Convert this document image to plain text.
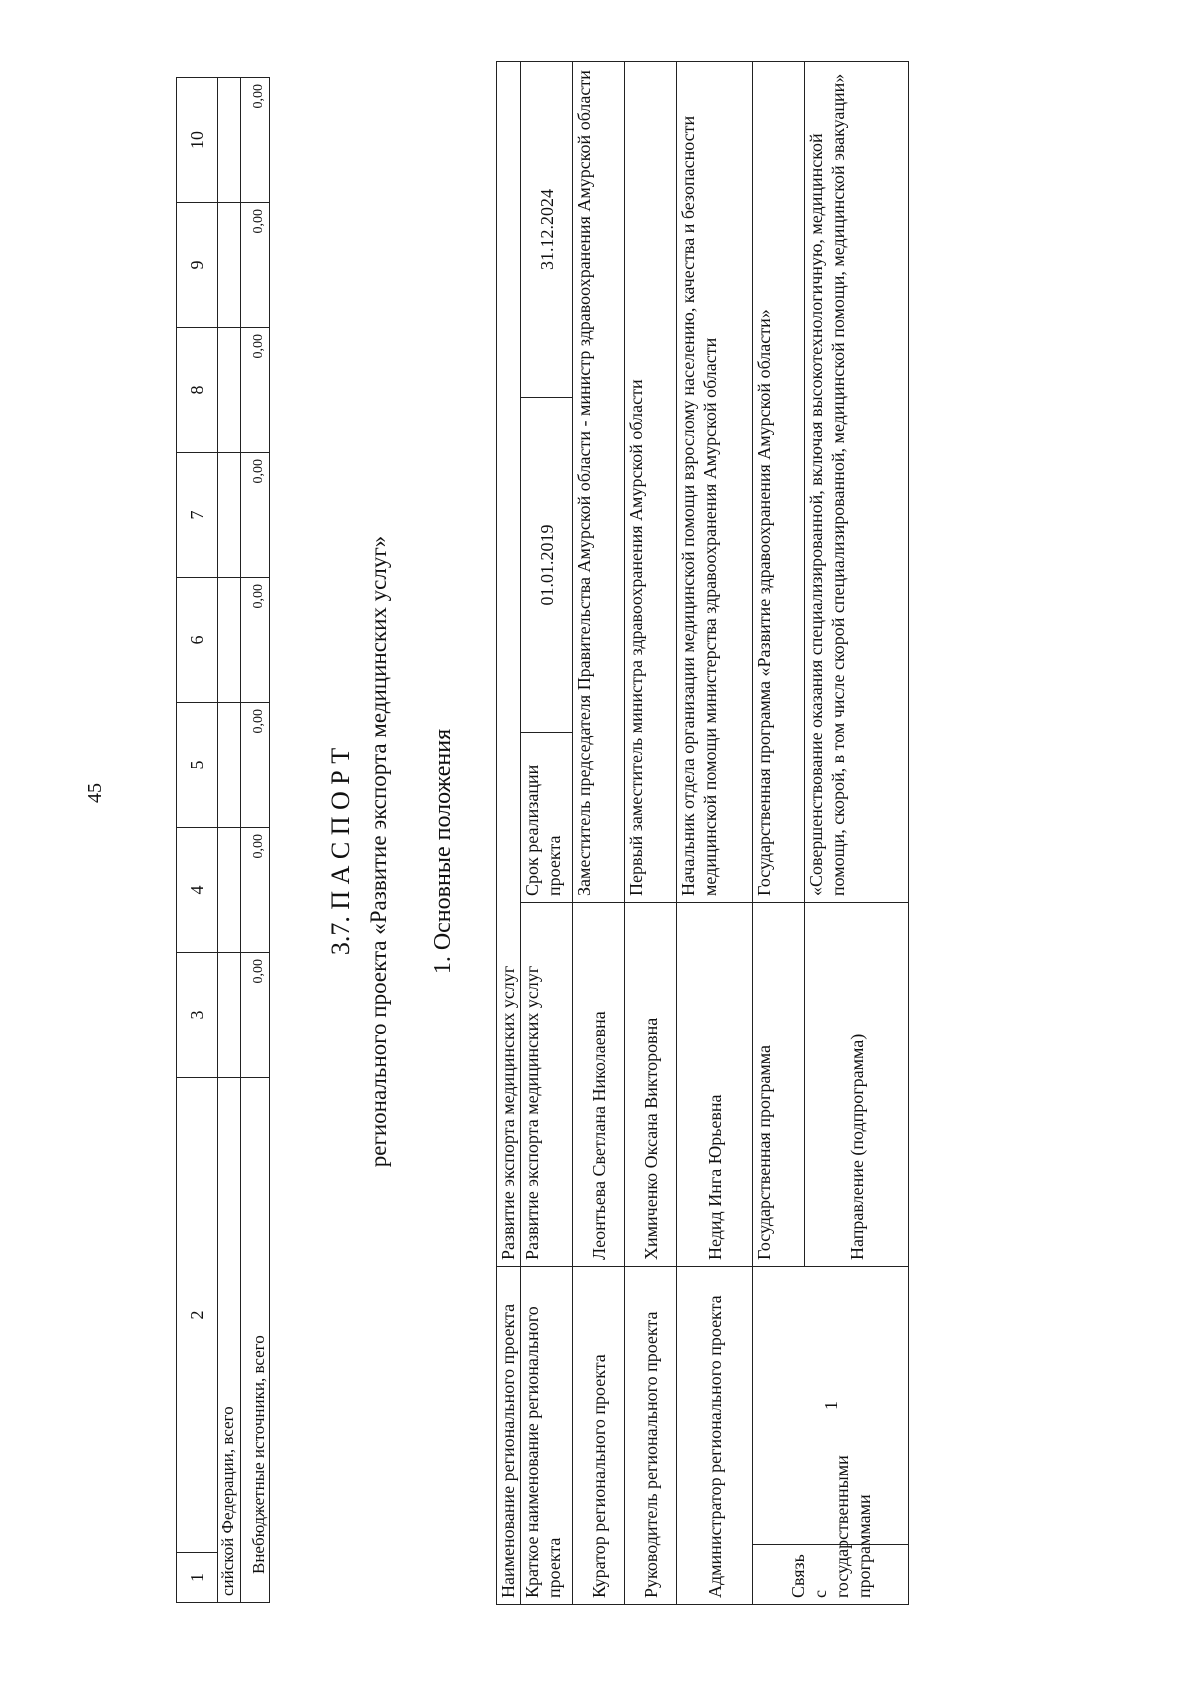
45
1	2	3	4	5	6	7	8	9	10
сийской Федерации, всего									
Внебюджетные источники, всего		0,00	0,00	0,00	0,00	0,00	0,00	0,00	0,00
3.7. П А С П О Р Т регионального проекта «Развитие экспорта медицинских услуг» 1. Основные положения
Наименование регионального проекта		Развитие экспорта медицинских услуг			
Краткое наименование регионального проекта		Развитие экспорта медицинских услуг	Срок реализации проекта	01.01.2019	31.12.2024
Куратор регионального проекта		Леонтьева Светлана Николаевна	Заместитель председателя Правительства Амурской области - министр здравоохранения Амурской области		
Руководитель регионального проекта		Химиченко Оксана Викторовна	Первый заместитель министра здравоохранения Амурской области		
Администратор регионального проекта		Недид Инга Юрьевна	Начальник отдела организации медицинской помощи взрослому населению, качества и безопасности медицинской помощи министерства здравоохранения Амурской области		
Связь с государственными программами	1	Государственная программа	Государственная программа «Развитие здравоохранения Амурской области»		
		Направление (подпрограмма)	«Совершенствование оказания специализированной, включая высокотехнологичную, медицинской помощи, скорой, в том числе скорой специализированной, медицинской помощи, медицинской эвакуации»		
